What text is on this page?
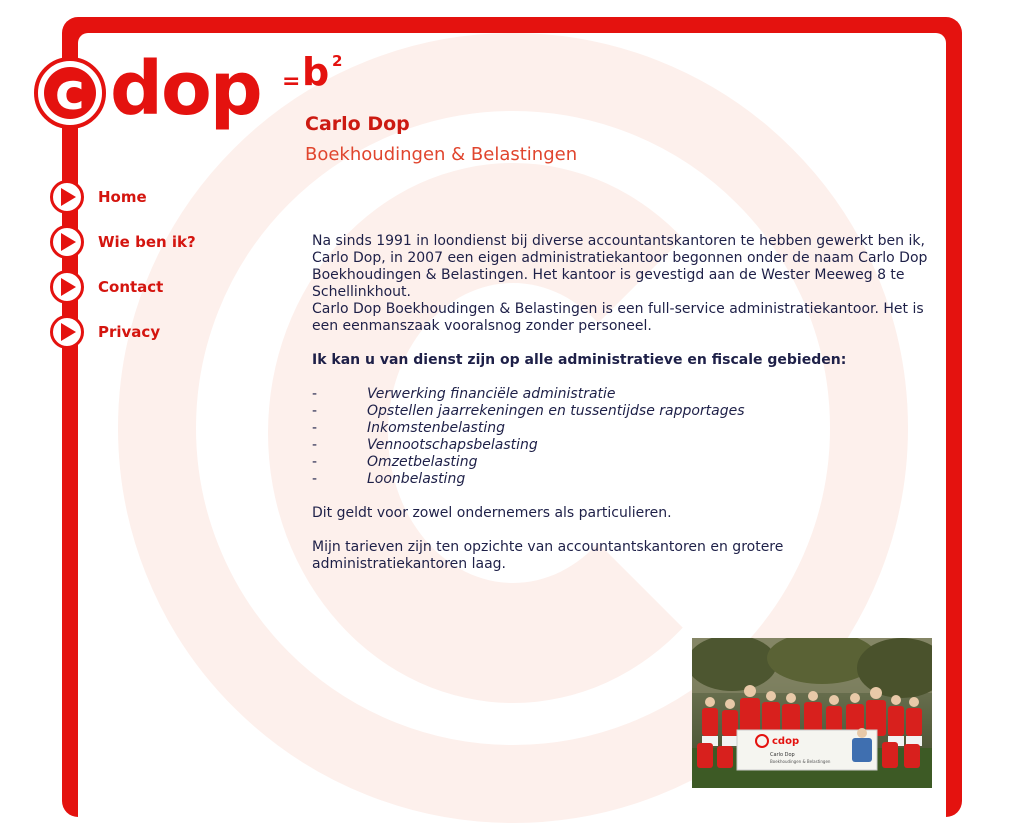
c dop = b 2
Carlo Dop
Boekhoudingen & Belastingen
Home
Wie ben ik?
Contact
Privacy

Na sinds 1991 in loondienst bij diverse accountantskantoren te hebben gewerkt ben ik, Carlo Dop, in 2007 een eigen administratiekantoor begonnen onder de naam Carlo Dop Boekhoudingen & Belastingen. Het kantoor is gevestigd aan de Wester Meeweg 8 te Schellinkhout.

Carlo Dop Boekhoudingen & Belastingen is een full-service administratiekantoor. Het is een eenmanszaak vooralsnog zonder personeel.

Ik kan u van dienst zijn op alle administratieve en fiscale gebieden:

-	Verwerking financiële administratie
-	Opstellen jaarrekeningen en tussentijdse rapportages
-	Inkomstenbelasting
-	Vennootschapsbelasting
-	Omzetbelasting
-	Loonbelasting

Dit geldt voor zowel ondernemers als particulieren.

Mijn tarieven zijn ten opzichte van accountantskantoren en grotere administratiekantoren laag.

cdop
Carlo Dop
Boekhoudingen & Belastingen
